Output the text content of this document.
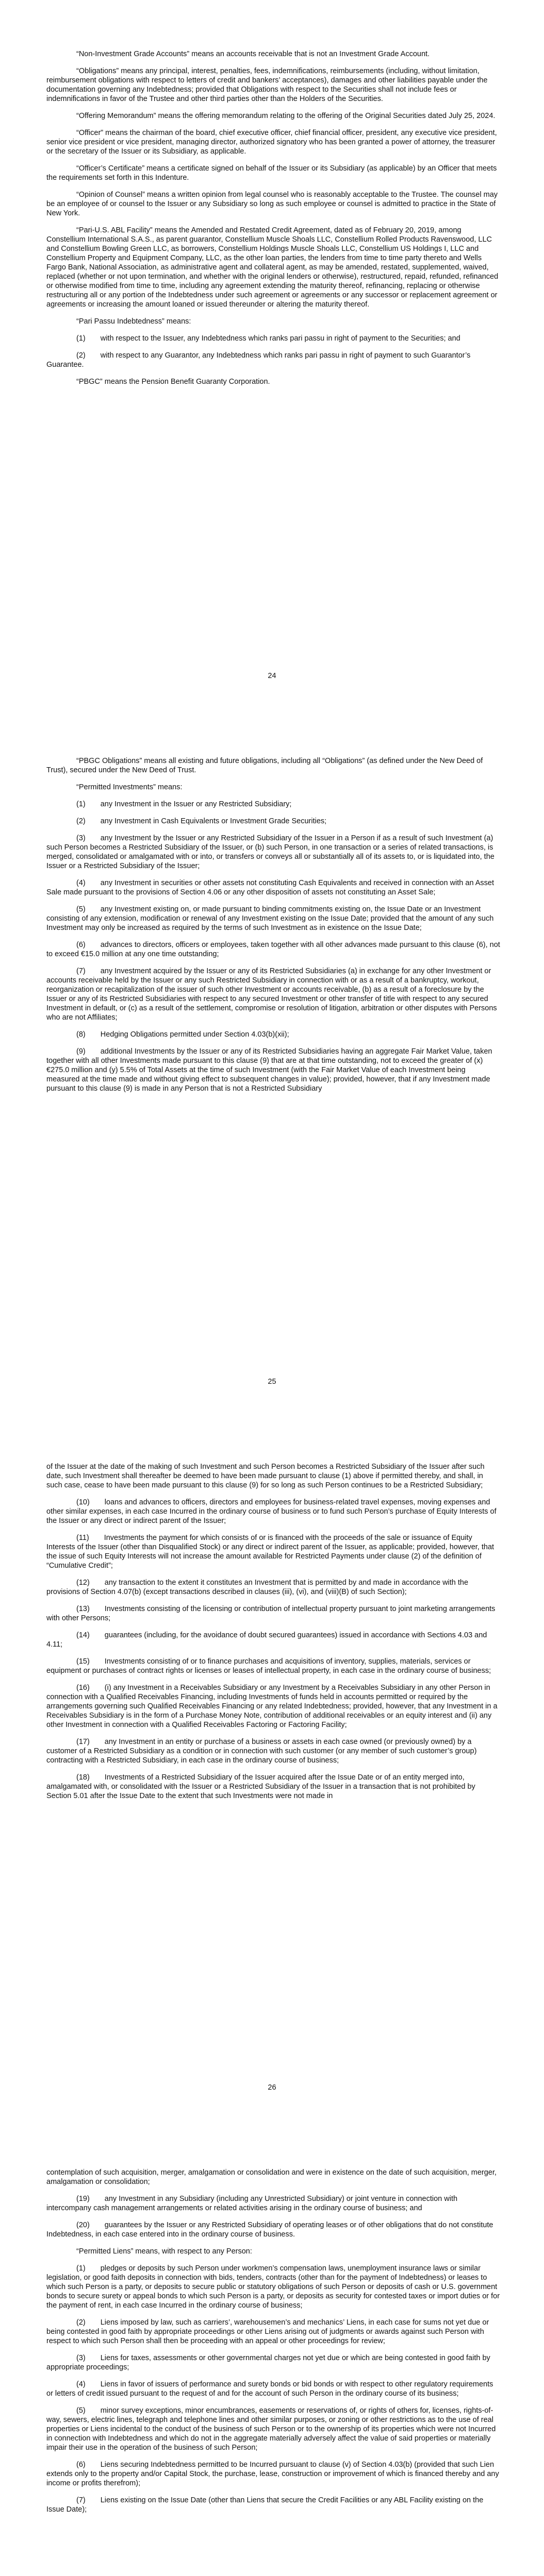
“Non-Investment Grade Accounts” means an accounts receivable that is not an Investment Grade Account.

“Obligations” means any principal, interest, penalties, fees, indemnifications, reimbursements (including, without limitation, reimbursement obligations with respect to letters of credit and bankers’ acceptances), damages and other liabilities payable under the documentation governing any Indebtedness; provided that Obligations with respect to the Securities shall not include fees or indemnifications in favor of the Trustee and other third parties other than the Holders of the Securities.

“Offering Memorandum” means the offering memorandum relating to the offering of the Original Securities dated July 25, 2024.

“Officer” means the chairman of the board, chief executive officer, chief financial officer, president, any executive vice president, senior vice president or vice president, managing director, authorized signatory who has been granted a power of attorney, the treasurer or the secretary of the Issuer or its Subsidiary, as applicable.

“Officer’s Certificate” means a certificate signed on behalf of the Issuer or its Subsidiary (as applicable) by an Officer that meets the requirements set forth in this Indenture.

“Opinion of Counsel” means a written opinion from legal counsel who is reasonably acceptable to the Trustee. The counsel may be an employee of or counsel to the Issuer or any Subsidiary so long as such employee or counsel is admitted to practice in the State of New York.

“Pari-U.S. ABL Facility” means the Amended and Restated Credit Agreement, dated as of February 20, 2019, among Constellium International S.A.S., as parent guarantor, Constellium Muscle Shoals LLC, Constellium Rolled Products Ravenswood, LLC and Constellium Bowling Green LLC, as borrowers, Constellium Holdings Muscle Shoals LLC, Constellium US Holdings I, LLC and Constellium Property and Equipment Company, LLC, as the other loan parties, the lenders from time to time party thereto and Wells Fargo Bank, National Association, as administrative agent and collateral agent, as may be amended, restated, supplemented, waived, replaced (whether or not upon termination, and whether with the original lenders or otherwise), restructured, repaid, refunded, refinanced or otherwise modified from time to time, including any agreement extending the maturity thereof, refinancing, replacing or otherwise restructuring all or any portion of the Indebtedness under such agreement or agreements or any successor or replacement agreement or agreements or increasing the amount loaned or issued thereunder or altering the maturity thereof.

“Pari Passu Indebtedness” means:

(1)  with respect to the Issuer, any Indebtedness which ranks pari passu in right of payment to the Securities; and

(2)  with respect to any Guarantor, any Indebtedness which ranks pari passu in right of payment to such Guarantor’s Guarantee.

“PBGC” means the Pension Benefit Guaranty Corporation.

24

“PBGC Obligations” means all existing and future obligations, including all “Obligations” (as defined under the New Deed of Trust), secured under the New Deed of Trust.

“Permitted Investments” means:

(1)  any Investment in the Issuer or any Restricted Subsidiary;

(2)  any Investment in Cash Equivalents or Investment Grade Securities;

(3)  any Investment by the Issuer or any Restricted Subsidiary of the Issuer in a Person if as a result of such Investment (a) such Person becomes a Restricted Subsidiary of the Issuer, or (b) such Person, in one transaction or a series of related transactions, is merged, consolidated or amalgamated with or into, or transfers or conveys all or substantially all of its assets to, or is liquidated into, the Issuer or a Restricted Subsidiary of the Issuer;

(4)  any Investment in securities or other assets not constituting Cash Equivalents and received in connection with an Asset Sale made pursuant to the provisions of Section 4.06 or any other disposition of assets not constituting an Asset Sale;

(5)  any Investment existing on, or made pursuant to binding commitments existing on, the Issue Date or an Investment consisting of any extension, modification or renewal of any Investment existing on the Issue Date; provided that the amount of any such Investment may only be increased as required by the terms of such Investment as in existence on the Issue Date;

(6)  advances to directors, officers or employees, taken together with all other advances made pursuant to this clause (6), not to exceed €15.0 million at any one time outstanding;

(7)  any Investment acquired by the Issuer or any of its Restricted Subsidiaries (a) in exchange for any other Investment or accounts receivable held by the Issuer or any such Restricted Subsidiary in connection with or as a result of a bankruptcy, workout, reorganization or recapitalization of the issuer of such other Investment or accounts receivable, (b) as a result of a foreclosure by the Issuer or any of its Restricted Subsidiaries with respect to any secured Investment or other transfer of title with respect to any secured Investment in default, or (c) as a result of the settlement, compromise or resolution of litigation, arbitration or other disputes with Persons who are not Affiliates;

(8)  Hedging Obligations permitted under Section 4.03(b)(xii);

(9)  additional Investments by the Issuer or any of its Restricted Subsidiaries having an aggregate Fair Market Value, taken together with all other Investments made pursuant to this clause (9) that are at that time outstanding, not to exceed the greater of (x) €275.0 million and (y) 5.5% of Total Assets at the time of such Investment (with the Fair Market Value of each Investment being measured at the time made and without giving effect to subsequent changes in value); provided, however, that if any Investment made pursuant to this clause (9) is made in any Person that is not a Restricted Subsidiary

25

of the Issuer at the date of the making of such Investment and such Person becomes a Restricted Subsidiary of the Issuer after such date, such Investment shall thereafter be deemed to have been made pursuant to clause (1) above if permitted thereby, and shall, in such case, cease to have been made pursuant to this clause (9) for so long as such Person continues to be a Restricted Subsidiary;

(10)  loans and advances to officers, directors and employees for business-related travel expenses, moving expenses and other similar expenses, in each case Incurred in the ordinary course of business or to fund such Person’s purchase of Equity Interests of the Issuer or any direct or indirect parent of the Issuer;

(11)  Investments the payment for which consists of or is financed with the proceeds of the sale or issuance of Equity Interests of the Issuer (other than Disqualified Stock) or any direct or indirect parent of the Issuer, as applicable; provided, however, that the issue of such Equity Interests will not increase the amount available for Restricted Payments under clause (2) of the definition of “Cumulative Credit”;

(12)  any transaction to the extent it constitutes an Investment that is permitted by and made in accordance with the provisions of Section 4.07(b) (except transactions described in clauses (iii), (vi), and (viii)(B) of such Section);

(13)  Investments consisting of the licensing or contribution of intellectual property pursuant to joint marketing arrangements with other Persons;

(14)  guarantees (including, for the avoidance of doubt secured guarantees) issued in accordance with Sections 4.03 and 4.11;

(15)  Investments consisting of or to finance purchases and acquisitions of inventory, supplies, materials, services or equipment or purchases of contract rights or licenses or leases of intellectual property, in each case in the ordinary course of business;

(16)  (i) any Investment in a Receivables Subsidiary or any Investment by a Receivables Subsidiary in any other Person in connection with a Qualified Receivables Financing, including Investments of funds held in accounts permitted or required by the arrangements governing such Qualified Receivables Financing or any related Indebtedness; provided, however, that any Investment in a Receivables Subsidiary is in the form of a Purchase Money Note, contribution of additional receivables or an equity interest and (ii) any other Investment in connection with a Qualified Receivables Factoring or Factoring Facility;

(17)  any Investment in an entity or purchase of a business or assets in each case owned (or previously owned) by a customer of a Restricted Subsidiary as a condition or in connection with such customer (or any member of such customer’s group) contracting with a Restricted Subsidiary, in each case in the ordinary course of business;

(18)  Investments of a Restricted Subsidiary of the Issuer acquired after the Issue Date or of an entity merged into, amalgamated with, or consolidated with the Issuer or a Restricted Subsidiary of the Issuer in a transaction that is not prohibited by Section 5.01 after the Issue Date to the extent that such Investments were not made in

26

contemplation of such acquisition, merger, amalgamation or consolidation and were in existence on the date of such acquisition, merger, amalgamation or consolidation;

(19)  any Investment in any Subsidiary (including any Unrestricted Subsidiary) or joint venture in connection with intercompany cash management arrangements or related activities arising in the ordinary course of business; and

(20)  guarantees by the Issuer or any Restricted Subsidiary of operating leases or of other obligations that do not constitute Indebtedness, in each case entered into in the ordinary course of business.

“Permitted Liens” means, with respect to any Person:

(1)  pledges or deposits by such Person under workmen’s compensation laws, unemployment insurance laws or similar legislation, or good faith deposits in connection with bids, tenders, contracts (other than for the payment of Indebtedness) or leases to which such Person is a party, or deposits to secure public or statutory obligations of such Person or deposits of cash or U.S. government bonds to secure surety or appeal bonds to which such Person is a party, or deposits as security for contested taxes or import duties or for the payment of rent, in each case Incurred in the ordinary course of business;

(2)  Liens imposed by law, such as carriers’, warehousemen’s and mechanics’ Liens, in each case for sums not yet due or being contested in good faith by appropriate proceedings or other Liens arising out of judgments or awards against such Person with respect to which such Person shall then be proceeding with an appeal or other proceedings for review;

(3)  Liens for taxes, assessments or other governmental charges not yet due or which are being contested in good faith by appropriate proceedings;

(4)  Liens in favor of issuers of performance and surety bonds or bid bonds or with respect to other regulatory requirements or letters of credit issued pursuant to the request of and for the account of such Person in the ordinary course of its business;

(5)  minor survey exceptions, minor encumbrances, easements or reservations of, or rights of others for, licenses, rights-of-way, sewers, electric lines, telegraph and telephone lines and other similar purposes, or zoning or other restrictions as to the use of real properties or Liens incidental to the conduct of the business of such Person or to the ownership of its properties which were not Incurred in connection with Indebtedness and which do not in the aggregate materially adversely affect the value of said properties or materially impair their use in the operation of the business of such Person;

(6)  Liens securing Indebtedness permitted to be Incurred pursuant to clause (v) of Section 4.03(b) (provided that such Lien extends only to the property and/or Capital Stock, the purchase, lease, construction or improvement of which is financed thereby and any income or profits therefrom);

(7)  Liens existing on the Issue Date (other than Liens that secure the Credit Facilities or any ABL Facility existing on the Issue Date);
